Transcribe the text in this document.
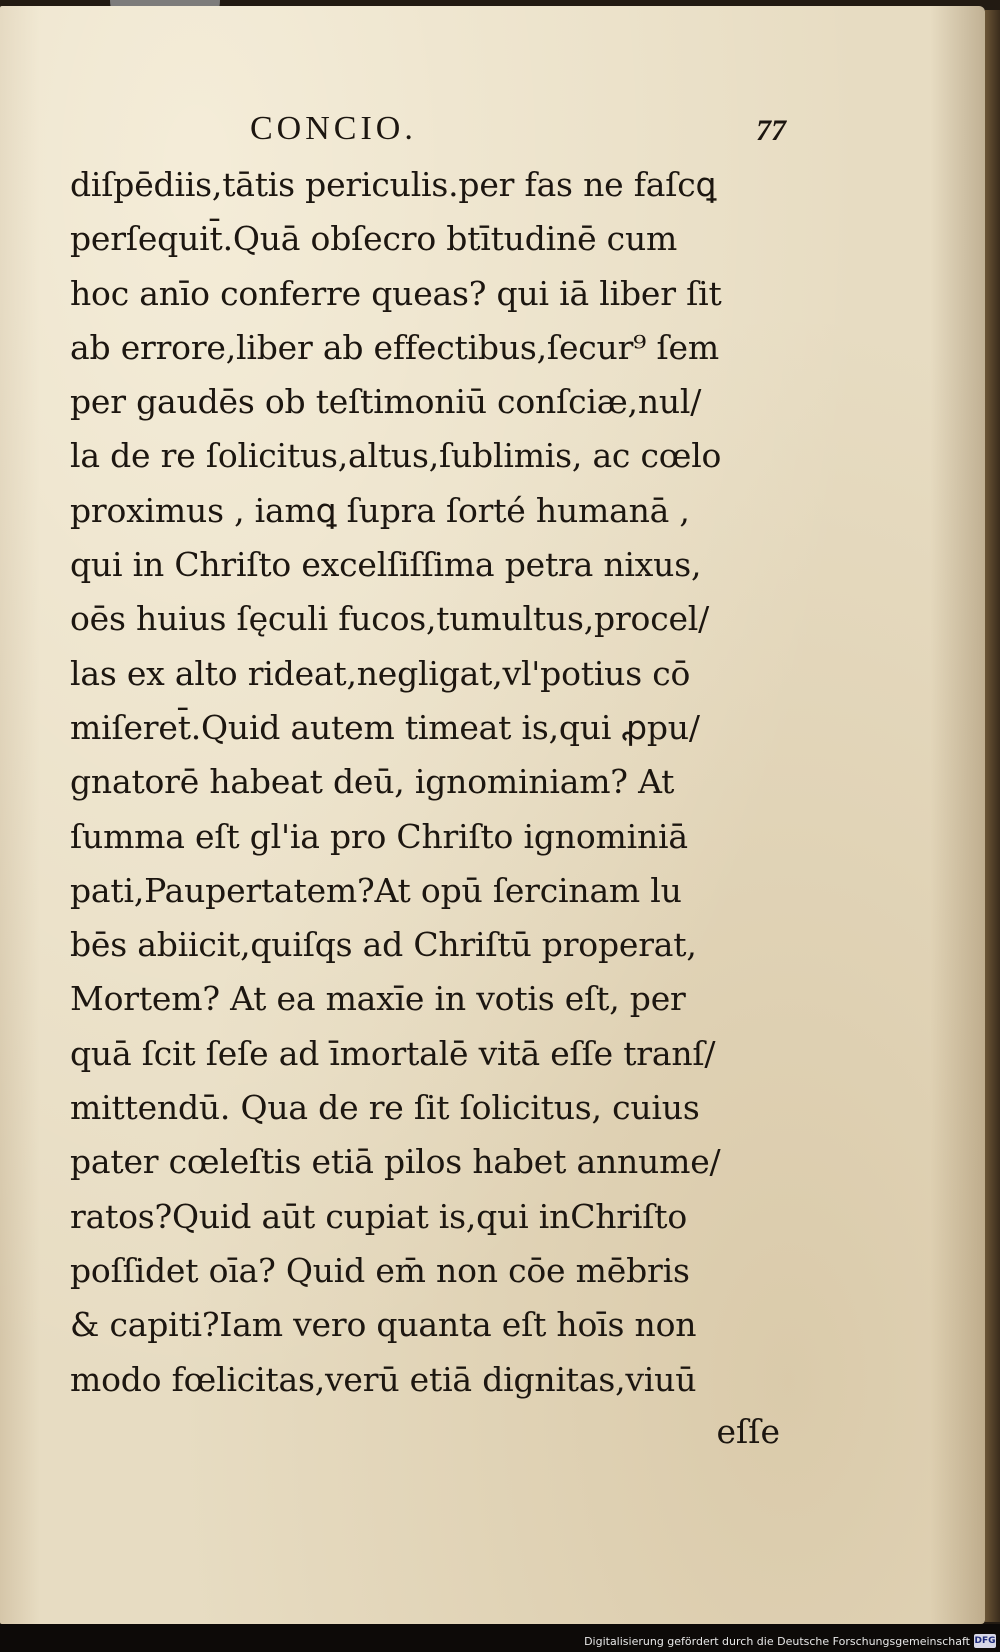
CONCIO.	77
diſpēdiis,tātis periculis.per fas ne faſcꝗ
perſequit̄.Quā obſecro btītudinē cum
hoc anīo conferre queas? qui iā liber ſit
ab errore,liber ab effectibus,ſecur⁹ ſem
per gaudēs ob teſtimoniū conſciæ,nul/
la de re ſolicitus,altus,ſublimis, ac cœlo
proximus , iamꝗ ſupra ſorté humanā ,
qui in Chriſto excelſiſſima petra nixus,
oēs huius ſęculi fucos,tumultus,procel/
las ex alto rideat,negligat,vl'potius cō
miſeret̄.Quid autem timeat is,qui ꝓpu/
gnatorē habeat deū, ignominiam? At
ſumma eſt gl'ia pro Chriſto ignominiā
pati,Paupertatem?At opū ſercinam lu
bēs abiicit,quiſqs ad Chriſtū properat,
Mortem? At ea maxīe in votis eſt, per
quā ſcit ſeſe ad īmortalē vitā eſſe tranſ/
mittendū. Qua de re ſit ſolicitus, cuius
pater cœleſtis etiā pilos habet annume/
ratos?Quid aūt cupiat is,qui inChriſto
poſſidet oīa? Quid em̄ non cōe mēbris
& capiti?Iam vero quanta eſt hoīs non
modo fœlicitas,verū etiā dignitas,viuū
eſſe
Digitalisierung gefördert durch die Deutsche Forschungsgemeinschaft DFG
